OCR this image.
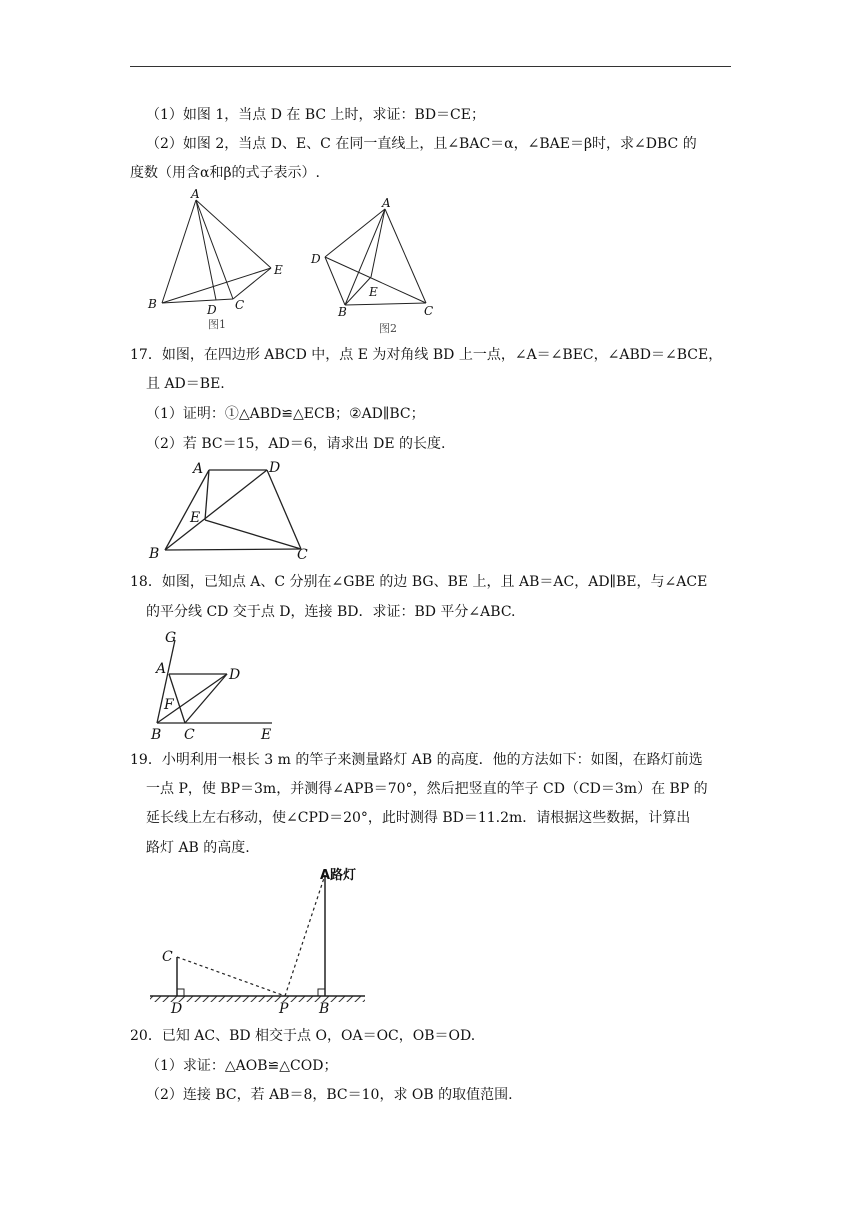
（1）如图 1，当点 D 在 BC 上时，求证：BD＝CE；
（2）如图 2，当点 D、E、C 在同一直线上，且∠BAC＝α，∠BAE＝β时，求∠DBC 的
度数（用含α和β的式子表示）.
A
B	D C
E
图1
A
D
E
B	C
图2
17．如图，在四边形 ABCD 中，点 E 为对角线 BD 上一点，∠A＝∠BEC，∠ABD＝∠BCE，
且 AD＝BE.
（1）证明：①△ABD≌△ECB；②AD∥BC；
（2）若 BC＝15，AD＝6，请求出 DE 的长度.
A	D
E
B	C
18．如图，已知点 A、C 分别在∠GBE 的边 BG、BE 上，且 AB＝AC，AD∥BE，与∠ACE
的平分线 CD 交于点 D，连接 BD．求证：BD 平分∠ABC.
G
A	D
F
B C	E
19．小明利用一根长 3 m 的竿子来测量路灯 AB 的高度．他的方法如下：如图，在路灯前选
一点 P，使 BP＝3m，并测得∠APB＝70°，然后把竖直的竿子 CD（CD＝3m）在 BP 的
延长线上左右移动，使∠CPD＝20°，此时测得 BD＝11.2m．请根据这些数据，计算出
路灯 AB 的高度.
A路灯
C
D	P B
20．已知 AC、BD 相交于点 O，OA＝OC，OB＝OD.
（1）求证：△AOB≌△COD；
（2）连接 BC，若 AB＝8，BC＝10，求 OB 的取值范围.
